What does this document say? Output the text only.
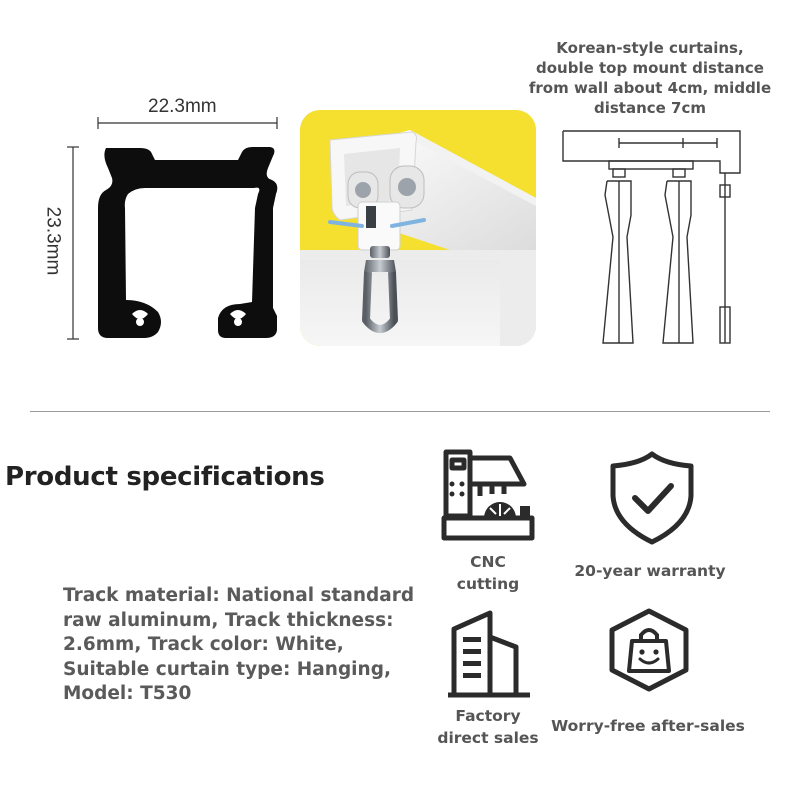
22.3mm
23.3mm
Korean-style curtains,
double top mount distance
from wall about 4cm, middle
distance 7cm
Product specifications
Track material: National standard
raw aluminum, Track thickness:
2.6mm, Track color: White,
Suitable curtain type: Hanging,
Model: T530
CNC
cutting
20-year warranty
Factory
direct sales
Worry-free after-sales
